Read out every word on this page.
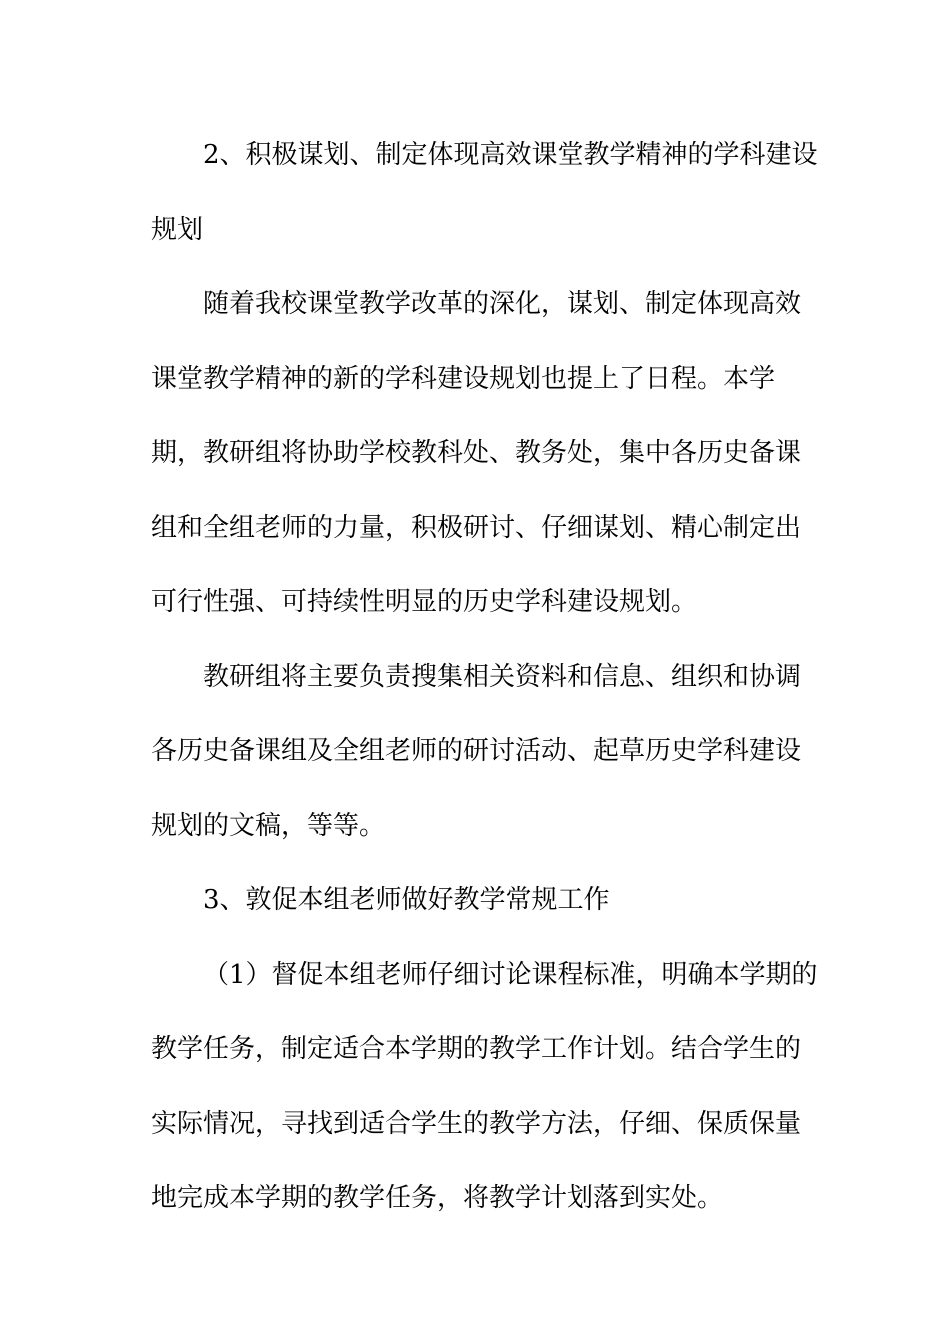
2、积极谋划、制定体现高效课堂教学精神的学科建设
规划
随着我校课堂教学改革的深化，谋划、制定体现高效
课堂教学精神的新的学科建设规划也提上了日程。本学
期，教研组将协助学校教科处、教务处，集中各历史备课
组和全组老师的力量，积极研讨、仔细谋划、精心制定出
可行性强、可持续性明显的历史学科建设规划。
教研组将主要负责搜集相关资料和信息、组织和协调
各历史备课组及全组老师的研讨活动、起草历史学科建设
规划的文稿，等等。
3、敦促本组老师做好教学常规工作
（1）督促本组老师仔细讨论课程标准，明确本学期的
教学任务，制定适合本学期的教学工作计划。结合学生的
实际情况，寻找到适合学生的教学方法，仔细、保质保量
地完成本学期的教学任务，将教学计划落到实处。
